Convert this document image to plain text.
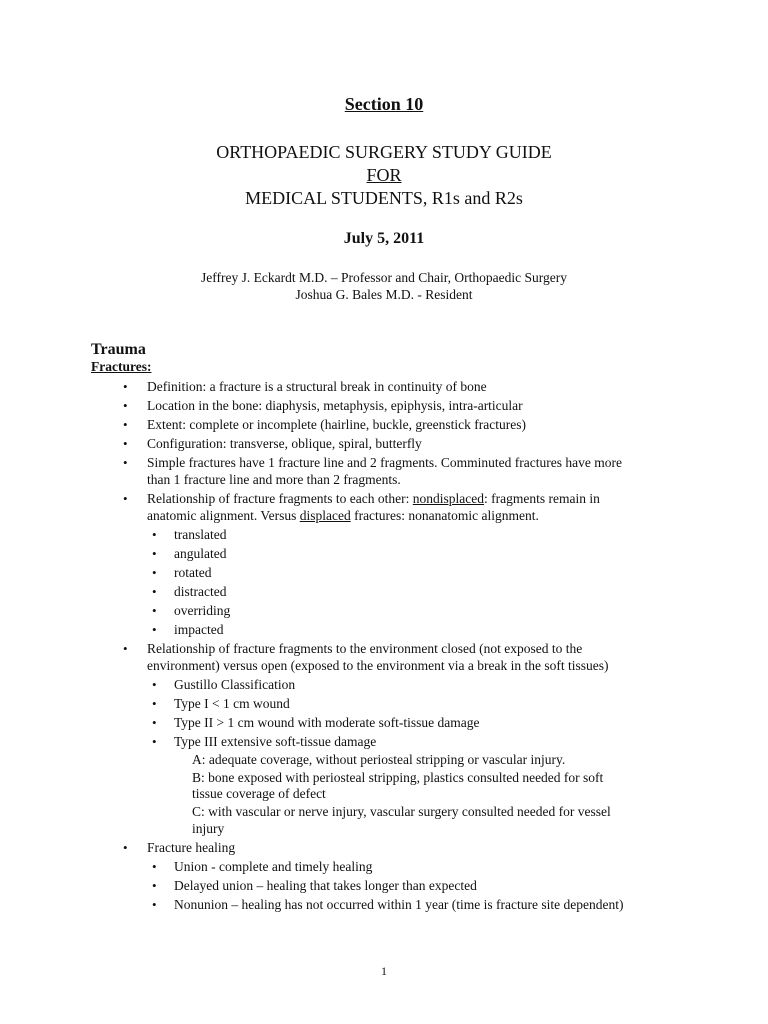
Section 10
ORTHOPAEDIC SURGERY STUDY GUIDE
FOR
MEDICAL STUDENTS, R1s and R2s
July 5, 2011
Jeffrey J. Eckardt M.D. – Professor and Chair, Orthopaedic Surgery
Joshua G. Bales M.D. - Resident
Trauma
Fractures:
•
Definition: a fracture is a structural break in continuity of bone
•
Location in the bone: diaphysis, metaphysis, epiphysis, intra-articular
•
Extent: complete or incomplete (hairline, buckle, greenstick fractures)
•
Configuration: transverse, oblique, spiral, butterfly
•
Simple fractures have 1 fracture line and 2 fragments. Comminuted fractures have more
than 1 fracture line and more than 2 fragments.
•
Relationship of fracture fragments to each other: nondisplaced: fragments remain in
anatomic alignment. Versus displaced fractures: nonanatomic alignment.
•
translated
•
angulated
•
rotated
•
distracted
•
overriding
•
impacted
•
Relationship of fracture fragments to the environment closed (not exposed to the
environment) versus open (exposed to the environment via a break in the soft tissues)
•
Gustillo Classification
•
Type I < 1 cm wound
•
Type II > 1 cm wound with moderate soft-tissue damage
•
Type III extensive soft-tissue damage
A: adequate coverage, without periosteal stripping or vascular injury.
B: bone exposed with periosteal stripping, plastics consulted needed for soft
tissue coverage of defect
C: with vascular or nerve injury, vascular surgery consulted needed for vessel
injury
•
Fracture healing
•
Union - complete and timely healing
•
Delayed union – healing that takes longer than expected
•
Nonunion – healing has not occurred within 1 year (time is fracture site dependent)
1
